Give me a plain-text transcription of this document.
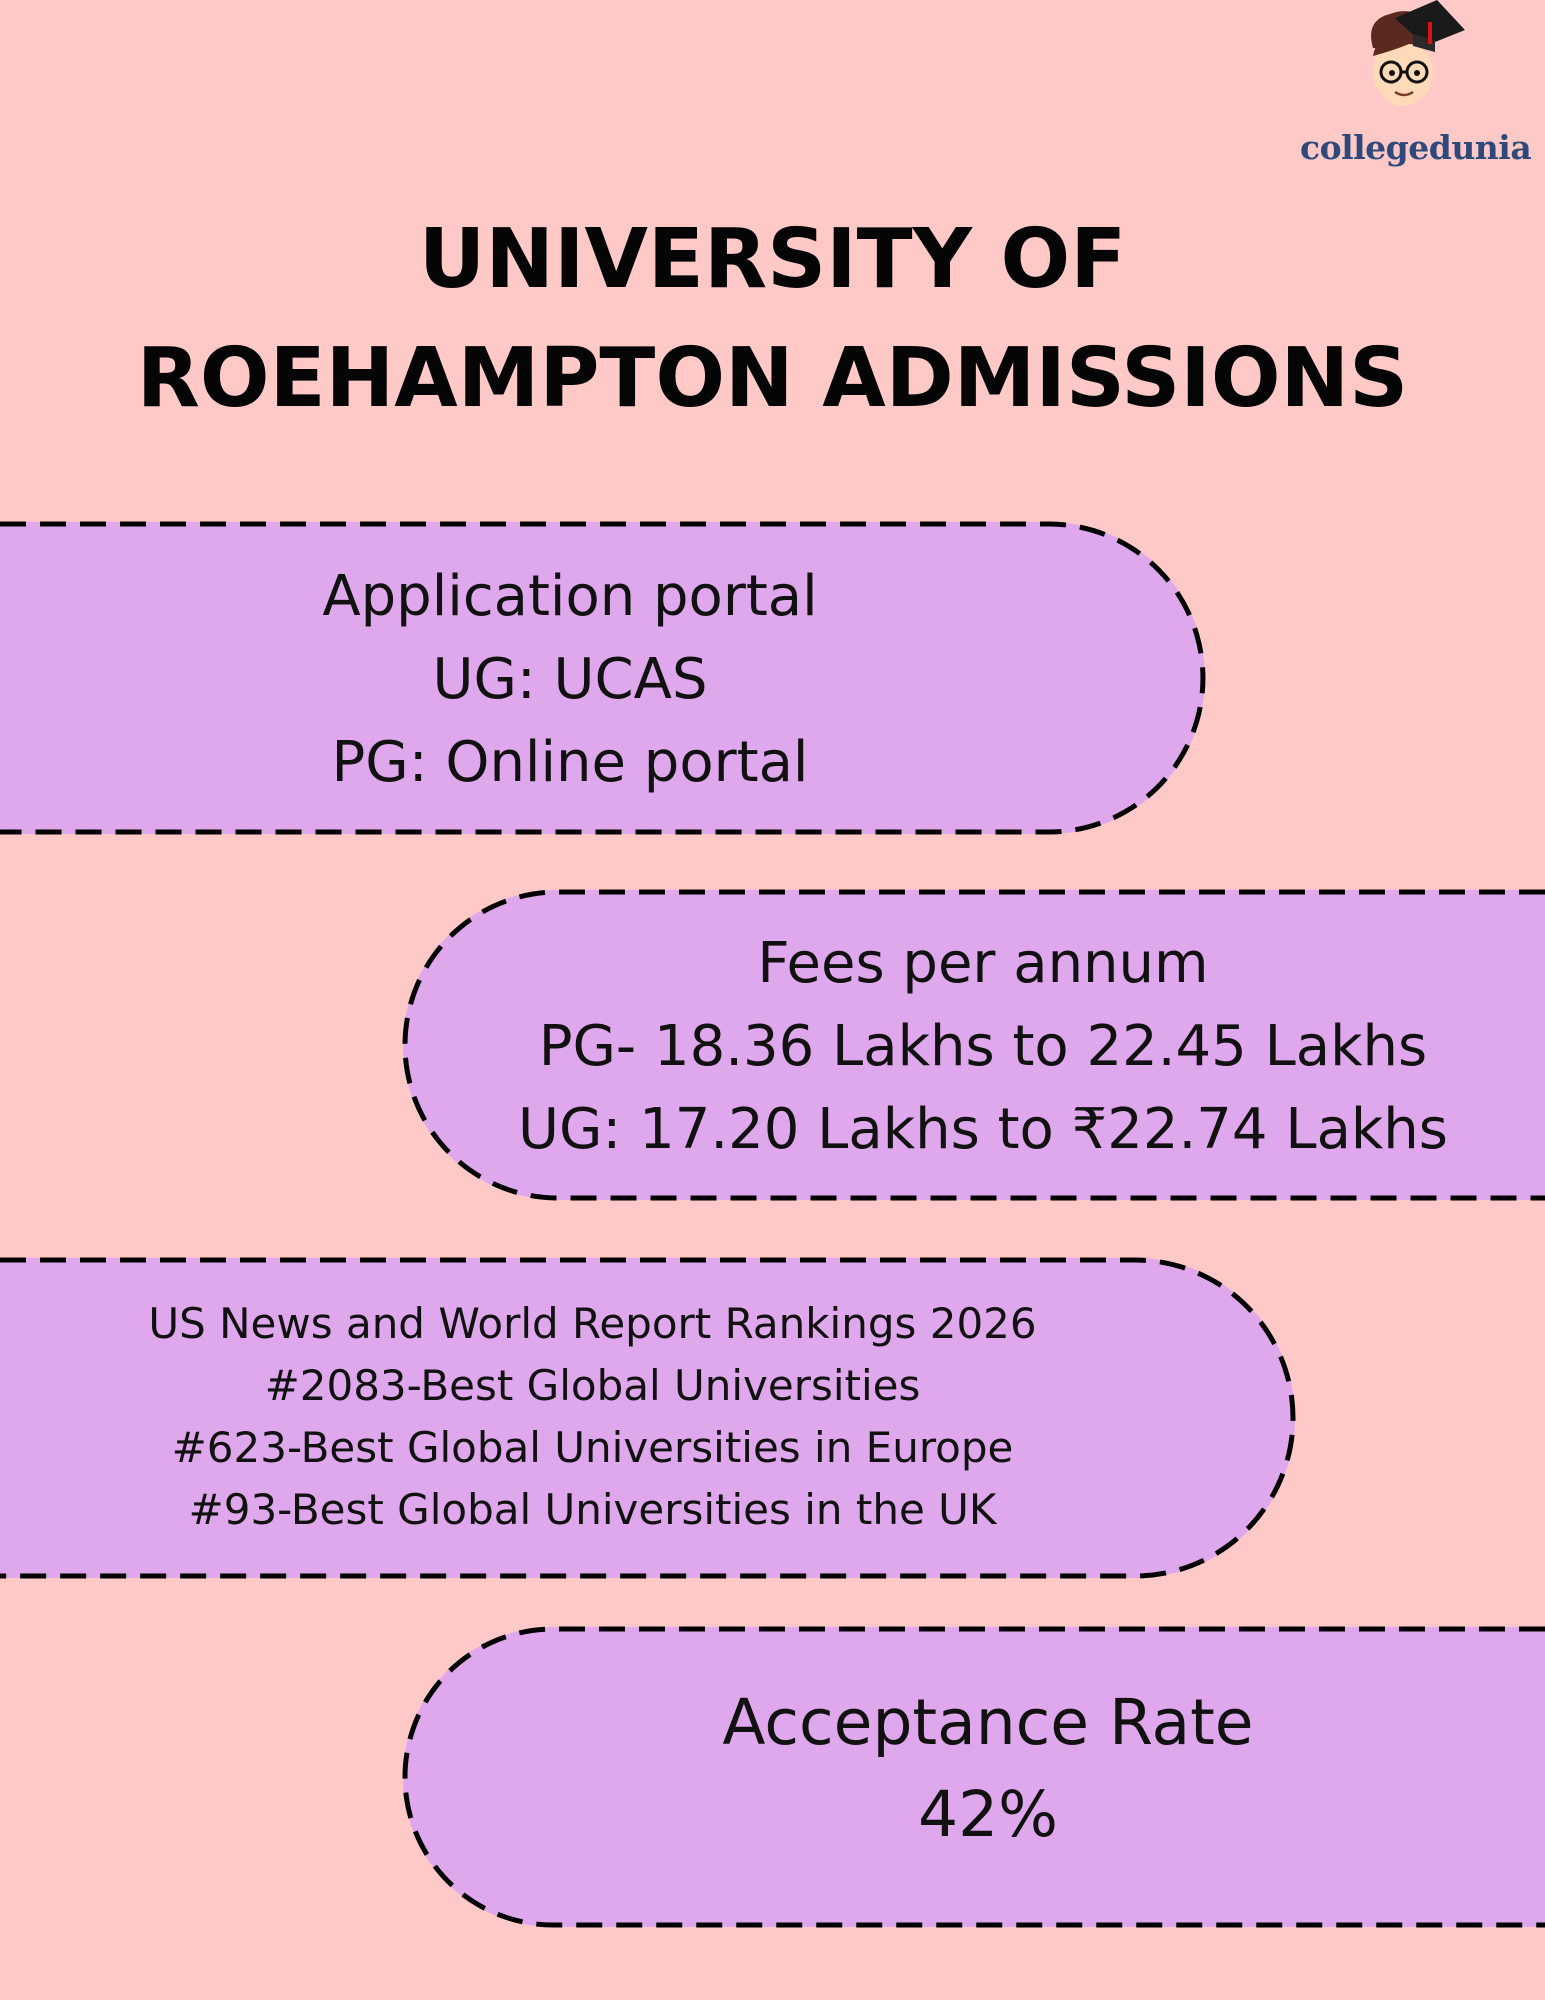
collegedunia
UNIVERSITY OF
ROEHAMPTON ADMISSIONS
Application portal
UG: UCAS
PG: Online portal
Fees per annum
PG- 18.36 Lakhs to 22.45 Lakhs
UG: 17.20 Lakhs to ₹22.74 Lakhs
US News and World Report Rankings 2026
#2083-Best Global Universities
#623-Best Global Universities in Europe
#93-Best Global Universities in the UK
Acceptance Rate
42%
